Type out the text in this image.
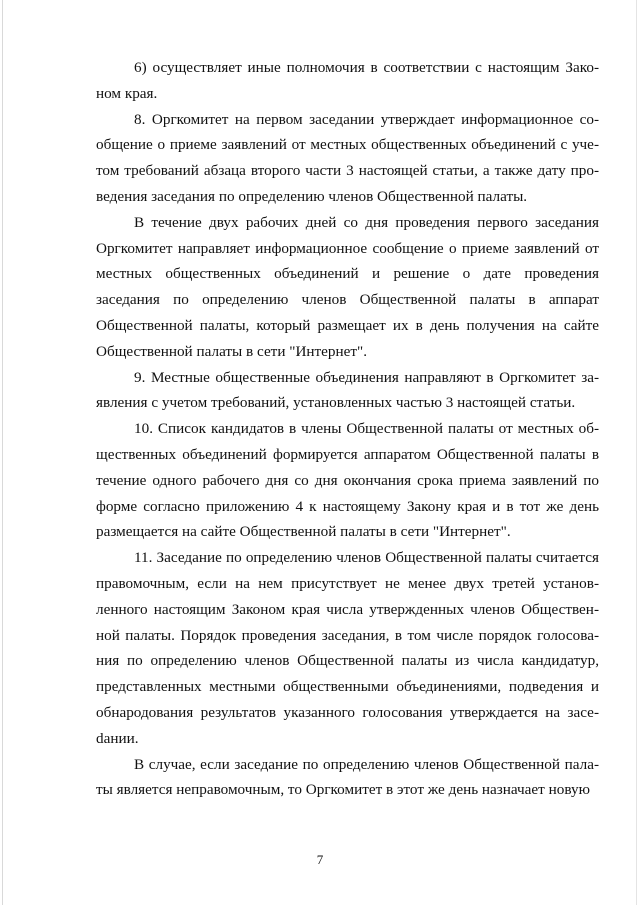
6) осуществляет иные полномочия в соответствии с настоящим Законом края.

8. Оргкомитет на первом заседании утверждает информационное сообщение о приеме заявлений от местных общественных объединений с учетом требований абзаца второго части 3 настоящей статьи, а также дату проведения заседания по определению членов Общественной палаты.

В течение двух рабочих дней со дня проведения первого заседания Оргкомитет направляет информационное сообщение о приеме заявлений от местных общественных объединений и решение о дате проведения заседания по определению членов Общественной палаты в аппарат Общественной палаты, который размещает их в день получения на сайте Общественной палаты в сети "Интернет".

9. Местные общественные объединения направляют в Оргкомитет заявления с учетом требований, установленных частью 3 настоящей статьи.

10. Список кандидатов в члены Общественной палаты от местных общественных объединений формируется аппаратом Общественной палаты в течение одного рабочего дня со дня окончания срока приема заявлений по форме согласно приложению 4 к настоящему Закону края и в тот же день размещается на сайте Общественной палаты в сети "Интернет".

11. Заседание по определению членов Общественной палаты считается правомочным, если на нем присутствует не менее двух третей установленного настоящим Законом края числа утвержденных членов Общественной палаты. Порядок проведения заседания, в том числе порядок голосования по определению членов Общественной палаты из числа кандидатур, представленных местными общественными объединениями, подведения и обнародования результатов указанного голосования утверждается на засеdании.

В случае, если заседание по определению членов Общественной палаты является неправомочным, то Оргкомитет в этот же день назначает новую

7
